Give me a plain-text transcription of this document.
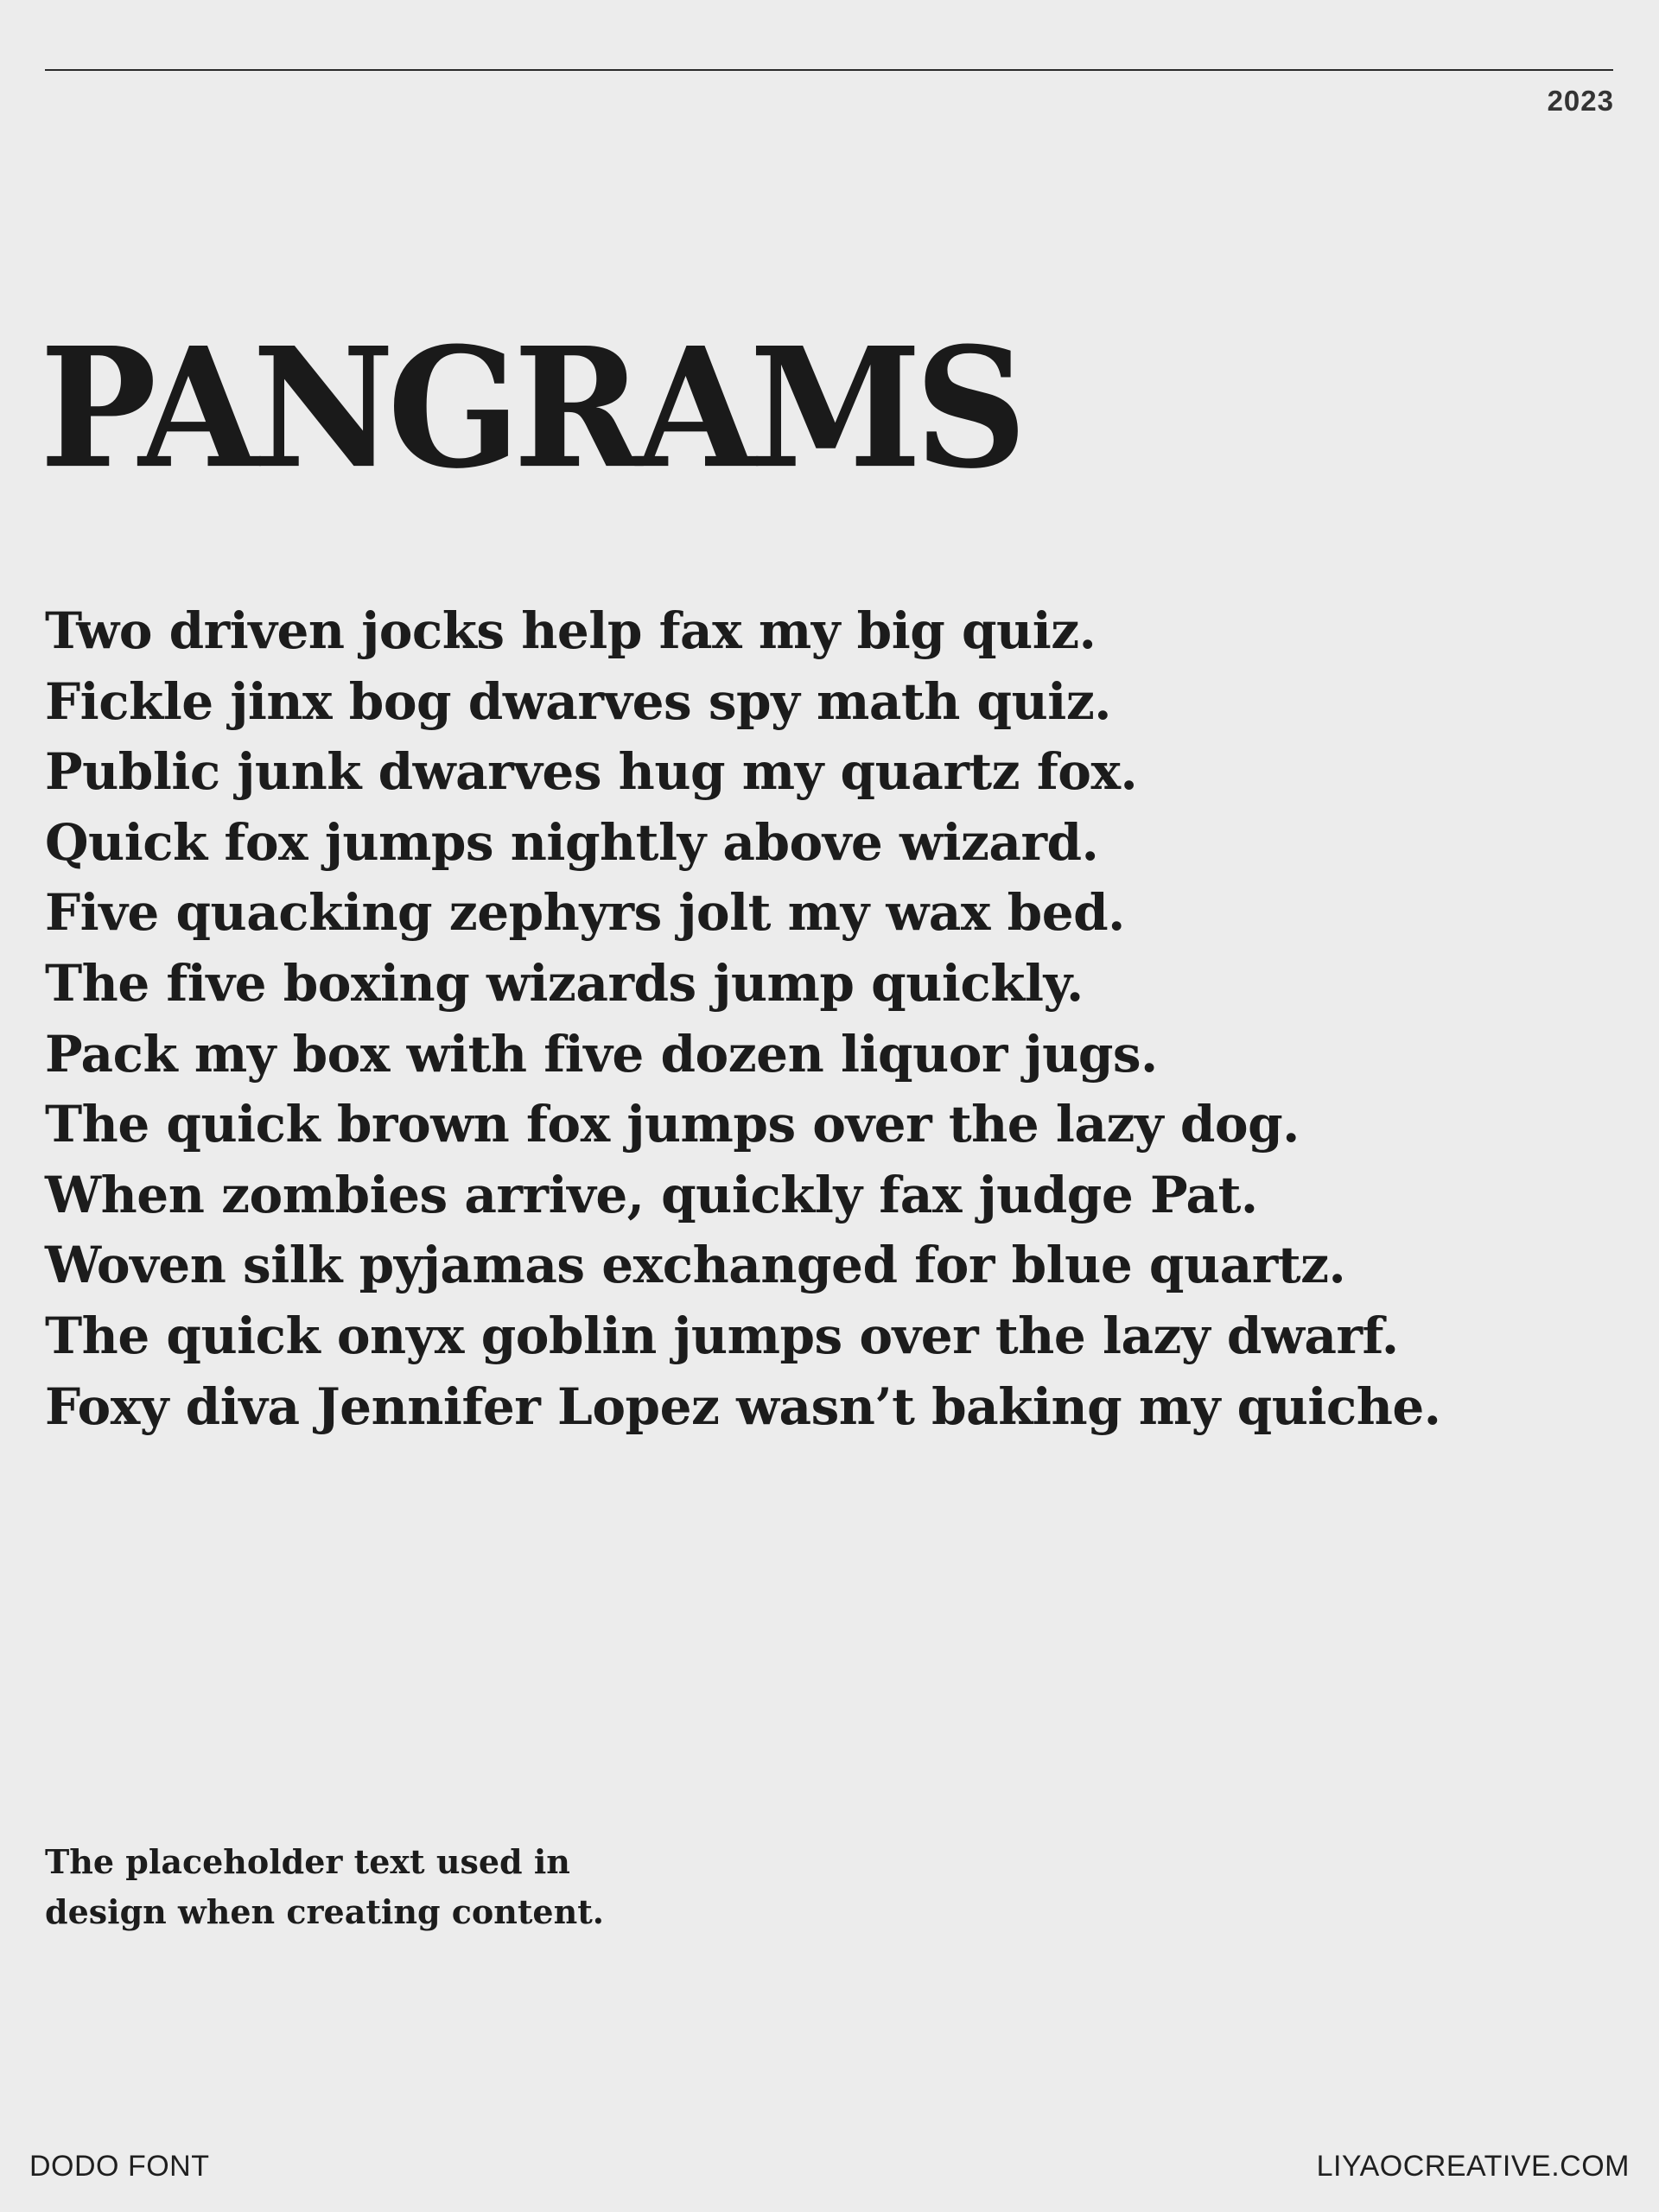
2023
PANGRAMS
Two driven jocks help fax my big quiz.
Fickle jinx bog dwarves spy math quiz.
Public junk dwarves hug my quartz fox.
Quick fox jumps nightly above wizard.
Five quacking zephyrs jolt my wax bed.
The five boxing wizards jump quickly.
Pack my box with five dozen liquor jugs.
The quick brown fox jumps over the lazy dog.
When zombies arrive, quickly fax judge Pat.
Woven silk pyjamas exchanged for blue quartz.
The quick onyx goblin jumps over the lazy dwarf.
Foxy diva Jennifer Lopez wasn’t baking my quiche.
The placeholder text used in
design when creating content.
DODO FONT	LIYAOCREATIVE.COM
